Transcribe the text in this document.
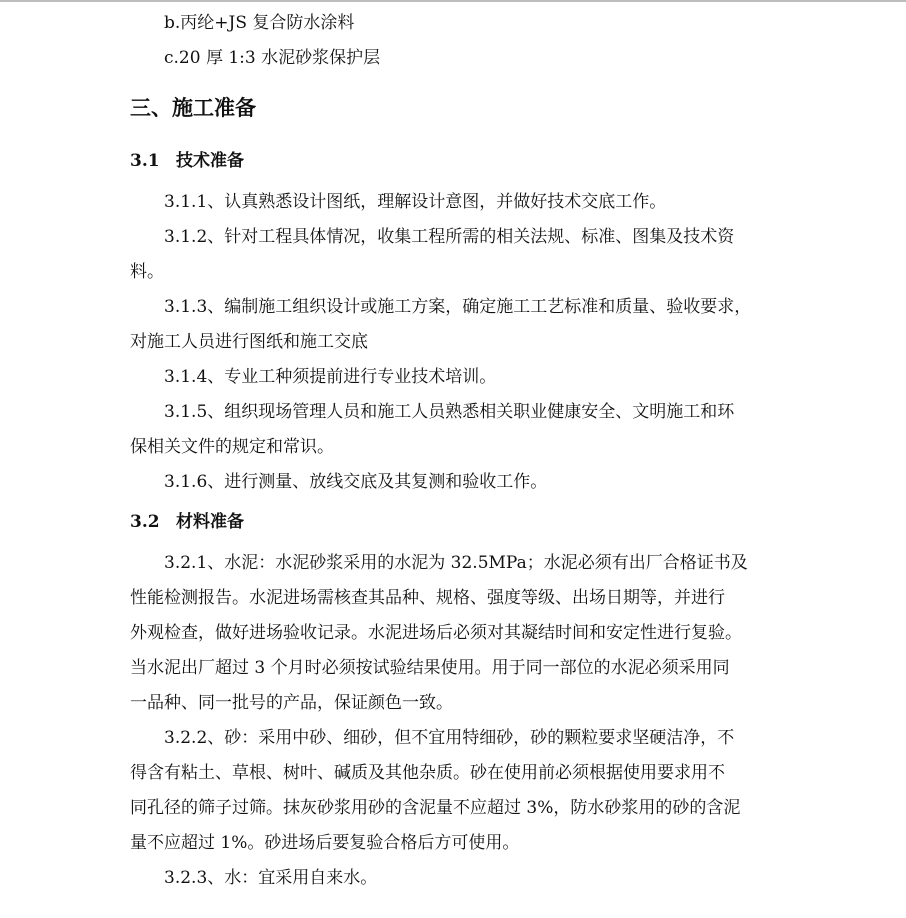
b.丙纶+JS 复合防水涂料
c.20 厚 1:3 水泥砂浆保护层
三、施工准备
3.1 技术准备
3.1.1、认真熟悉设计图纸，理解设计意图，并做好技术交底工作。
3.1.2、针对工程具体情况，收集工程所需的相关法规、标准、图集及技术资
料。
3.1.3、编制施工组织设计或施工方案，确定施工工艺标准和质量、验收要求，
对施工人员进行图纸和施工交底
3.1.4、专业工种须提前进行专业技术培训。
3.1.5、组织现场管理人员和施工人员熟悉相关职业健康安全、文明施工和环
保相关文件的规定和常识。
3.1.6、进行测量、放线交底及其复测和验收工作。
3.2 材料准备
3.2.1、水泥：水泥砂浆采用的水泥为 32.5MPa；水泥必须有出厂合格证书及
性能检测报告。水泥进场需核查其品种、规格、强度等级、出场日期等，并进行
外观检查，做好进场验收记录。水泥进场后必须对其凝结时间和安定性进行复验。
当水泥出厂超过 3 个月时必须按试验结果使用。用于同一部位的水泥必须采用同
一品种、同一批号的产品，保证颜色一致。
3.2.2、砂：采用中砂、细砂，但不宜用特细砂，砂的颗粒要求坚硬洁净，不
得含有粘土、草根、树叶、碱质及其他杂质。砂在使用前必须根据使用要求用不
同孔径的筛子过筛。抹灰砂浆用砂的含泥量不应超过 3%，防水砂浆用的砂的含泥
量不应超过 1%。砂进场后要复验合格后方可使用。
3.2.3、水：宜采用自来水。
